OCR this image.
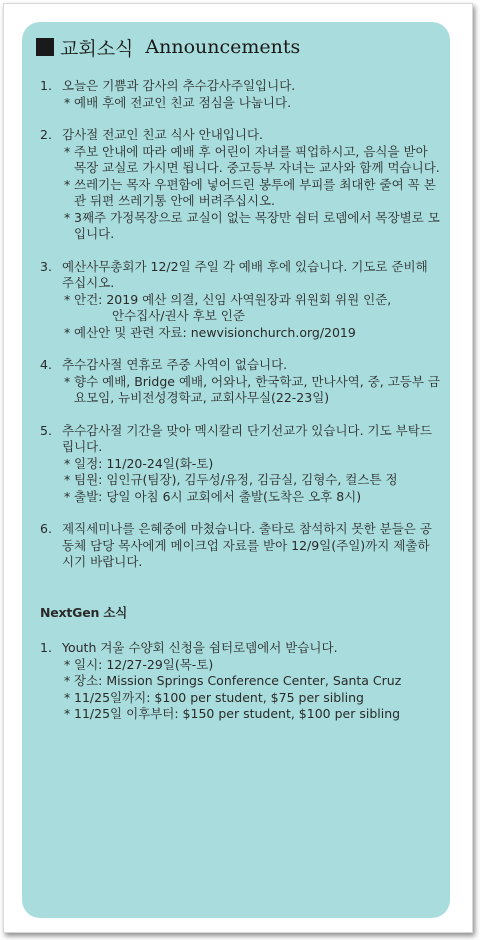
교회소식 Announcements
1. 오늘은 기쁨과 감사의 추수감사주일입니다.
* 예배 후에 전교인 친교 점심을 나눕니다.
2. 감사절 전교인 친교 식사 안내입니다.
* 주보 안내에 따라 예배 후 어린이 자녀를 픽업하시고, 음식을 받아 목장 교실로 가시면 됩니다. 중고등부 자녀는 교사와 함께 먹습니다.
* 쓰레기는 목자 우편함에 넣어드린 봉투에 부피를 최대한 줄여 꼭 본관 뒤편 쓰레기통 안에 버려주십시오.
* 3째주 가정목장으로 교실이 없는 목장만 쉼터 로뎀에서 목장별로 모입니다.
3. 예산사무총회가 12/2일 주일 각 예배 후에 있습니다. 기도로 준비해 주십시오.
* 안건: 2019 예산 의결, 신임 사역원장과 위원회 위원 인준,
안수집사/권사 후보 인준
* 예산안 및 관련 자료: newvisionchurch.org/2019
4. 추수감사절 연휴로 주중 사역이 없습니다.
* 향수 예배, Bridge 예배, 어와나, 한국학교, 만나사역, 중, 고등부 금요모임, 뉴비전성경학교, 교회사무실(22-23일)
5. 추수감사절 기간을 맞아 멕시칼리 단기선교가 있습니다. 기도 부탁드립니다.
* 일정: 11/20-24일(화-토)
* 팀원: 임인규(팀장), 김두성/유정, 김금실, 김형수, 컬스튼 정
* 출발: 당일 아침 6시 교회에서 출발(도착은 오후 8시)
6. 제직세미나를 은혜중에 마쳤습니다. 출타로 참석하지 못한 분들은 공동체 담당 목사에게 메이크업 자료를 받아 12/9일(주일)까지 제출하시기 바랍니다.
NextGen 소식
1. Youth 겨울 수양회 신청을 쉼터로뎀에서 받습니다.
* 일시: 12/27-29일(목-토)
* 장소: Mission Springs Conference Center, Santa Cruz
* 11/25일까지: $100 per student, $75 per sibling
* 11/25일 이후부터: $150 per student, $100 per sibling
